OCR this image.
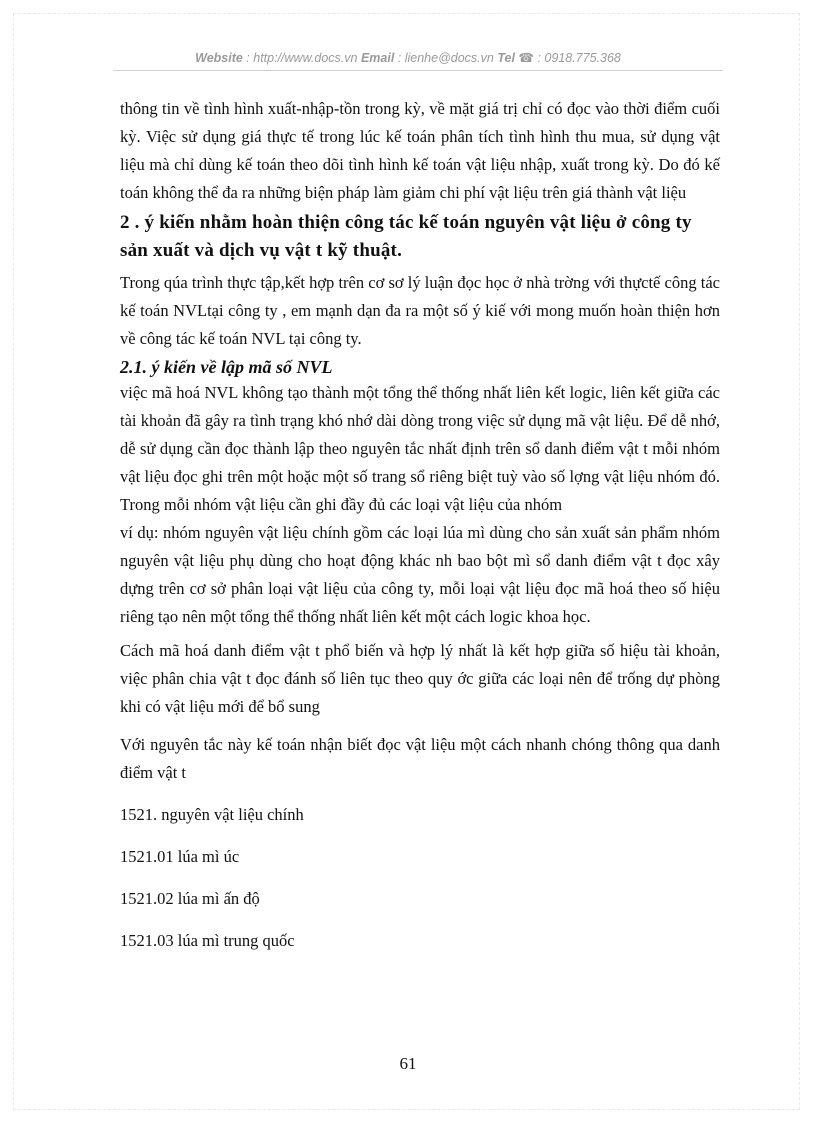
Website : http://www.docs.vn Email : lienhe@docs.vn Tel ☎ : 0918.775.368

thông tin về tình hình xuất-nhập-tồn trong kỳ, về mặt giá trị chỉ có đọc vào thời điểm cuối kỳ. Việc sử dụng giá thực tế trong lúc kế toán phân tích tình hình thu mua, sử dụng vật liệu mà chỉ dùng kế toán theo dõi tình hình kế toán vật liệu nhập, xuất trong kỳ. Do đó kế toán không thể đa ra những biện pháp làm giảm chi phí vật liệu trên giá thành vật liệu

2 . ý kiến nhằm hoàn thiện công tác kế toán nguyên vật liệu ở công ty sản xuất và dịch vụ vật t kỹ thuật.

Trong qúa trình thực tập,kết hợp trên cơ sơ lý luận đọc học ở nhà trờng với thựctế công tác kế toán NVLtại công ty , em mạnh dạn đa ra một số ý kiế với mong muốn hoàn thiện hơn về công tác kế toán NVL tại công ty.

2.1. ý kiến về lập mã số NVL

việc mã hoá NVL không tạo thành một tổng thể thống nhất liên kết logic, liên kết giữa các tài khoản đã gây ra tình trạng khó nhớ dài dòng trong việc sử dụng mã vật liệu. Để dễ nhớ, dễ sử dụng cần đọc thành lập theo nguyên tắc nhất định trên sổ danh điểm vật t mỗi nhóm vật liệu đọc ghi trên một hoặc một số trang sổ riêng biệt tuỳ vào số lợng vật liệu nhóm đó. Trong mỗi nhóm vật liệu cần ghi đầy đủ các loại vật liệu của nhóm

ví dụ: nhóm nguyên vật liệu chính gồm các loại lúa mì dùng cho sản xuất sản phẩm nhóm nguyên vật liệu phụ dùng cho hoạt động khác nh bao bột mì sổ danh điểm vật t đọc xây dựng trên cơ sở phân loại vật liệu của công ty, mỗi loại vật liệu đọc mã hoá theo số hiệu riêng tạo nên một tổng thể thống nhất liên kết một cách logic khoa học.

Cách mã hoá danh điểm vật t phổ biến và hợp lý nhất là kết hợp giữa số hiệu tài khoản, việc phân chia vật t đọc đánh số liên tục theo quy ớc giữa các loại nên để trống dự phòng khi có vật liệu mới để bổ sung

Với nguyên tắc này kế toán nhận biết đọc vật liệu một cách nhanh chóng thông qua danh điểm vật t

1521. nguyên vật liệu chính

1521.01 lúa mì úc

1521.02 lúa mì ấn độ

1521.03 lúa mì trung quốc

61
